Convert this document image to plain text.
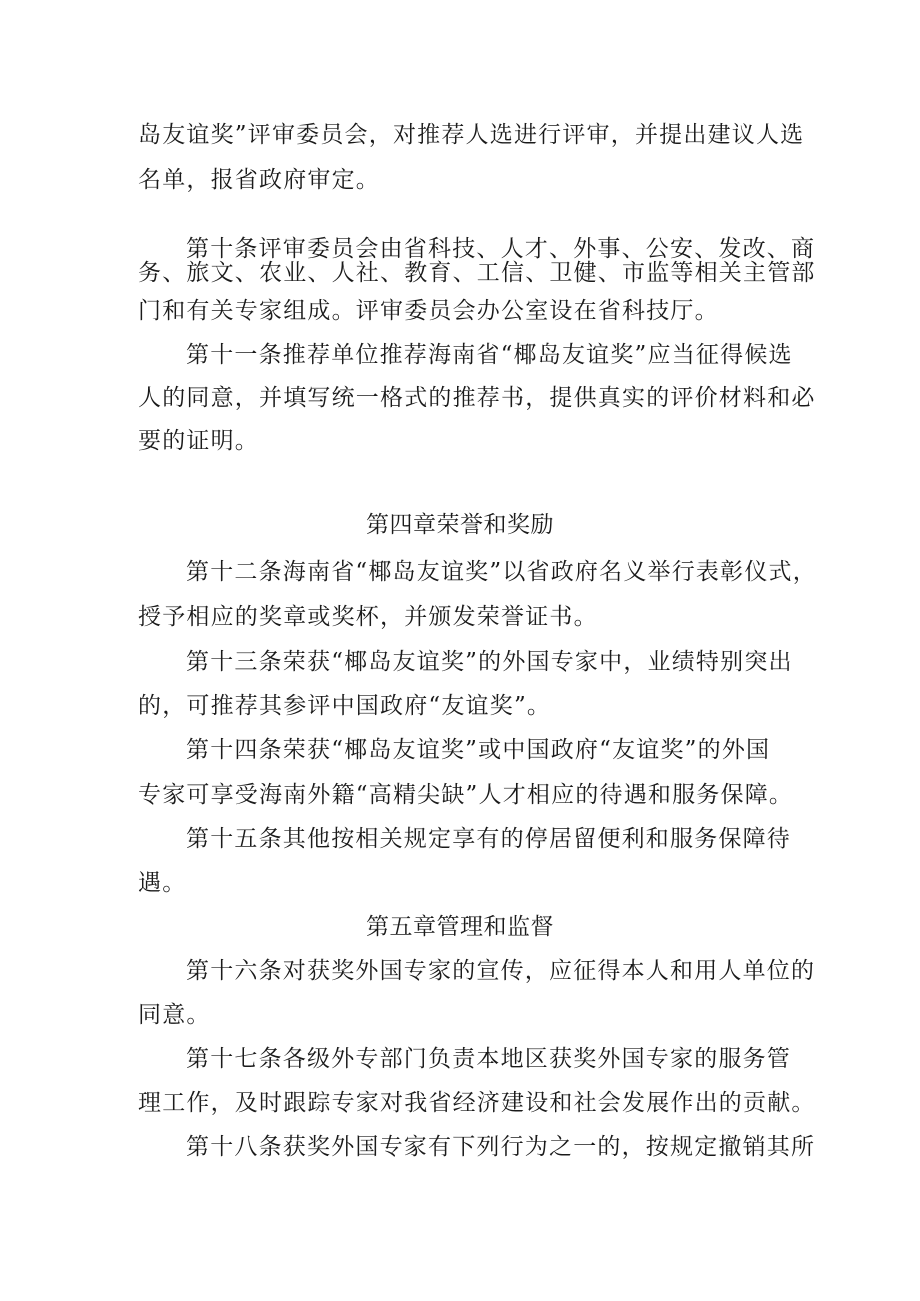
岛友谊奖”评审委员会，对推荐人选进行评审，并提出建议人选
名单，报省政府审定。
第十条评审委员会由省科技、人才、外事、公安、发改、商
务、旅文、农业、人社、教育、工信、卫健、市监等相关主管部
门和有关专家组成。评审委员会办公室设在省科技厅。
第十一条推荐单位推荐海南省“椰岛友谊奖”应当征得候选
人的同意，并填写统一格式的推荐书，提供真实的评价材料和必
要的证明。
第四章荣誉和奖励
第十二条海南省“椰岛友谊奖”以省政府名义举行表彰仪式，
授予相应的奖章或奖杯，并颁发荣誉证书。
第十三条荣获“椰岛友谊奖”的外国专家中，业绩特别突出
的，可推荐其参评中国政府“友谊奖”。
第十四条荣获“椰岛友谊奖”或中国政府“友谊奖”的外国
专家可享受海南外籍“高精尖缺”人才相应的待遇和服务保障。
第十五条其他按相关规定享有的停居留便利和服务保障待
遇。
第五章管理和监督
第十六条对获奖外国专家的宣传，应征得本人和用人单位的
同意。
第十七条各级外专部门负责本地区获奖外国专家的服务管
理工作，及时跟踪专家对我省经济建设和社会发展作出的贡献。
第十八条获奖外国专家有下列行为之一的，按规定撤销其所
